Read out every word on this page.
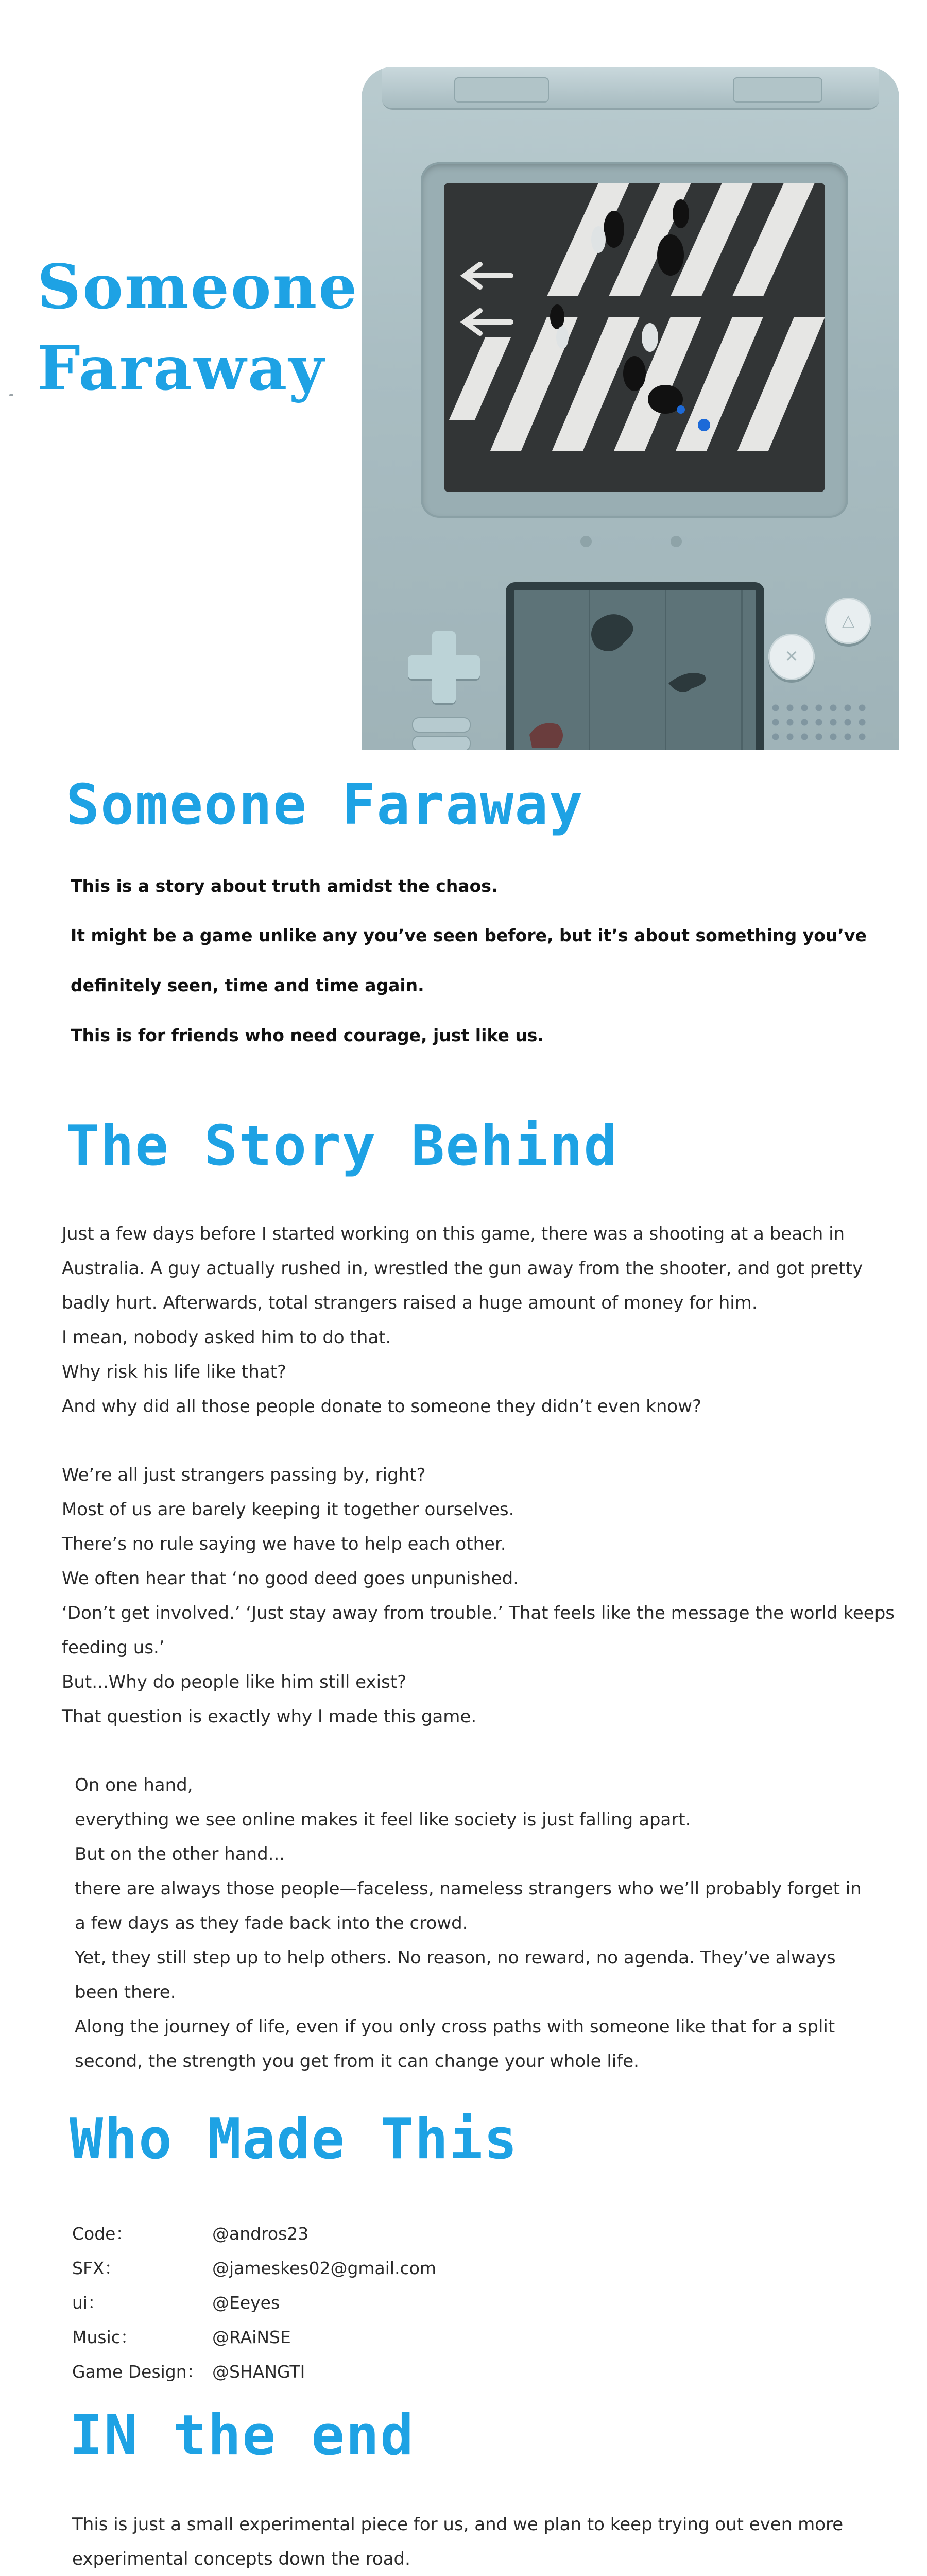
Someone
Faraway
✕
△
Someone Faraway

This is a story about truth amidst the chaos.

It might be a game unlike any you’ve seen before, but it’s about something you’ve

definitely seen, time and time again.

This is for friends who need courage, just like us.

The Story Behind
Just a few days before I started working on this game, there was a shooting at a beach in
Australia. A guy actually rushed in, wrestled the gun away from the shooter, and got pretty
badly hurt. Afterwards, total strangers raised a huge amount of money for him.
I mean, nobody asked him to do that.
Why risk his life like that?
And why did all those people donate to someone they didn’t even know?
We’re all just strangers passing by, right?
Most of us are barely keeping it together ourselves.
There’s no rule saying we have to help each other.
We often hear that ‘no good deed goes unpunished.
‘Don’t get involved.’ ‘Just stay away from trouble.’ That feels like the message the world keeps
feeding us.’
But...Why do people like him still exist?
That question is exactly why I made this game.
On one hand,
everything we see online makes it feel like society is just falling apart.
But on the other hand...
there are always those people—faceless, nameless strangers who we’ll probably forget in
a few days as they fade back into the crowd.
Yet, they still step up to help others. No reason, no reward, no agenda. They’ve always
been there.
Along the journey of life, even if you only cross paths with someone like that for a split
second, the strength you get from it can change your whole life.
Who Made This
Code：	@andros23
SFX：	@jameskes02@gmail.com
ui：	@Eeyes
Music：	@RAiNSE
Game Design： @SHANGTI
IN the end
This is just a small experimental piece for us, and we plan to keep trying out even more
experimental concepts down the road.
